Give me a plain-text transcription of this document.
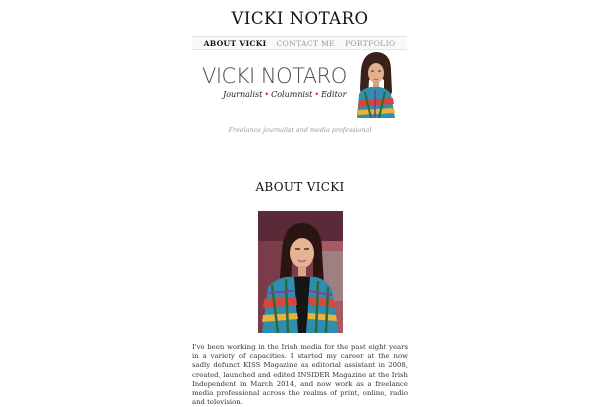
VICKI NOTARO
ABOUT VICKI CONTACT ME PORTFOLIO
VICKI NOTARO
Journalist • Columnist • Editor
Freelance journalist and media professional
ABOUT VICKI
I've been working in the Irish media for the past eight years in a variety of capacities. I started my career at the now sadly defunct KISS Magazine as editorial assistant in 2008, created, launched and edited INSIDER Magazine at the Irish Independent in March 2014, and now work as a freelance media professional across the realms of print, online, radio and television.
